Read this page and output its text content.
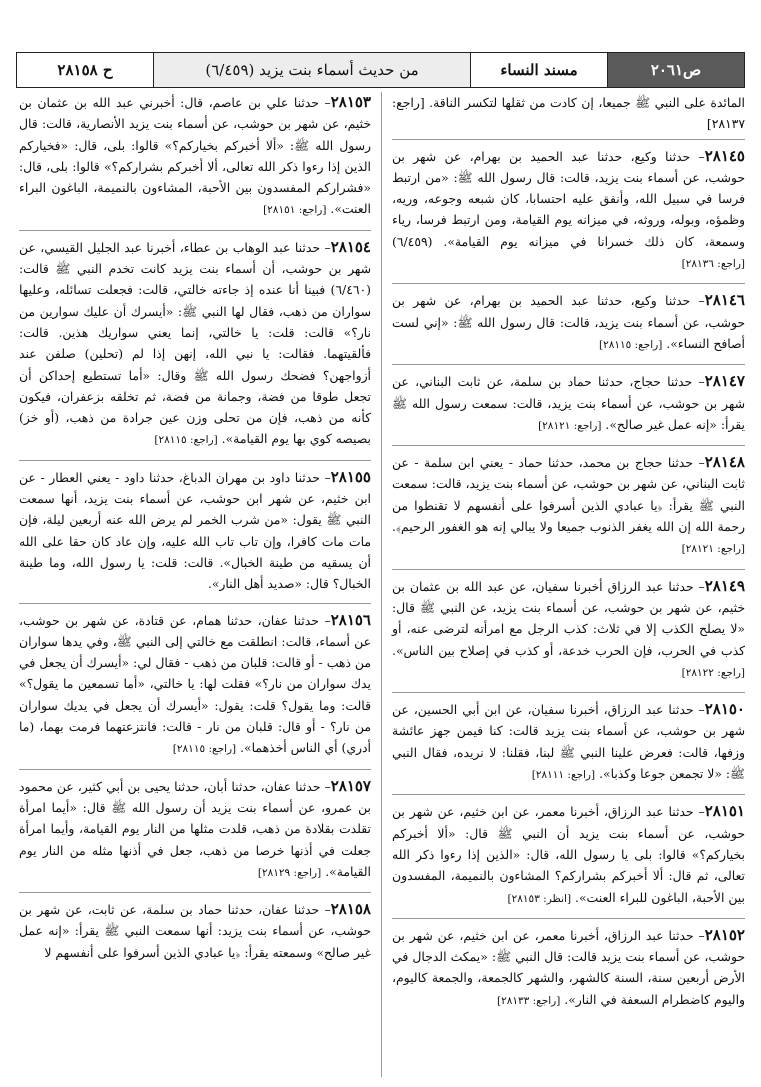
ص٢٠٦١
مسند النساء
من حديث أسماء بنت يزيد (٦/٤٥٩)
ح ٢٨١٥٨
المائدة على النبي ﷺ جميعا، إن كادت من ثقلها لتكسر الناقة. [راجع: ٢٨١٣٧]
٢٨١٤٥– حدثنا وكيع، حدثنا عبد الحميد بن بهرام، عن شهر بن حوشب، عن أسماء بنت يزيد، قالت: قال رسول الله ﷺ: «من ارتبط فرسا في سبيل الله، وأنفق عليه احتسابا، كان شبعه وجوعه، وريه، وظمؤه، وبوله، وروثه، في ميزانه يوم القيامة، ومن ارتبط فرسا، رياء وسمعة، كان ذلك خسرانا في ميزانه يوم القيامة». (٦/٤٥٩) [راجع: ٢٨١٣٦]
٢٨١٤٦– حدثنا وكيع، حدثنا عبد الحميد بن بهرام، عن شهر بن حوشب، عن أسماء بنت يزيد، قالت: قال رسول الله ﷺ: «إني لست أصافح النساء». [راجع: ٢٨١١٥]
٢٨١٤٧– حدثنا حجاج، حدثنا حماد بن سلمة، عن ثابت البناني، عن شهر بن حوشب، عن أسماء بنت يزيد، قالت: سمعت رسول الله ﷺ يقرأ: «إنه عمل غير صالح». [راجع: ٢٨١٢١]
٢٨١٤٨– حدثنا حجاج بن محمد، حدثنا حماد - يعني ابن سلمة - عن ثابت البناني، عن شهر بن حوشب، عن أسماء بنت يزيد، قالت: سمعت النبي ﷺ يقرأ: ﴿يا عبادي الذين أسرفوا على أنفسهم لا تقنطوا من رحمة الله إن الله يغفر الذنوب جميعا ولا يبالي إنه هو الغفور الرحيم﴾. [راجع: ٢٨١٢١]
٢٨١٤٩– حدثنا عبد الرزاق أخبرنا سفيان، عن عبد الله بن عثمان بن خثيم، عن شهر بن حوشب، عن أسماء بنت يزيد، عن النبي ﷺ قال: «لا يصلح الكذب إلا في ثلاث: كذب الرجل مع امرأته لترضى عنه، أو كذب في الحرب، فإن الحرب خدعة، أو كذب في إصلاح بين الناس». [راجع: ٢٨١٢٢]
٢٨١٥٠– حدثنا عبد الرزاق، أخبرنا سفيان، عن ابن أبي الحسين، عن شهر بن حوشب، عن أسماء بنت يزيد قالت: كنا فيمن جهز عائشة وزفها، قالت: فعرض علينا النبي ﷺ لبنا، فقلنا: لا نريده، فقال النبي ﷺ: «لا تجمعن جوعا وكذبا». [راجع: ٢٨١١١]
٢٨١٥١– حدثنا عبد الرزاق، أخبرنا معمر، عن ابن خثيم، عن شهر بن حوشب، عن أسماء بنت يزيد أن النبي ﷺ قال: «ألا أخبركم بخياركم؟» قالوا: بلى يا رسول الله، قال: «الذين إذا رءوا ذكر الله تعالى، ثم قال: ألا أخبركم بشراركم؟ المشاءون بالنميمة، المفسدون بين الأحبة، الباغون للبراء العنت». [انظر: ٢٨١٥٣]
٢٨١٥٢– حدثنا عبد الرزاق، أخبرنا معمر، عن ابن خثيم، عن شهر بن حوشب، عن أسماء بنت يزيد قالت: قال النبي ﷺ: «يمكث الدجال في الأرض أربعين سنة، السنة كالشهر، والشهر كالجمعة، والجمعة كاليوم، واليوم كاضطرام السعفة في النار». [راجع: ٢٨١٣٣]
٢٨١٥٣– حدثنا علي بن عاصم، قال: أخبرني عبد الله بن عثمان بن خثيم، عن شهر بن حوشب، عن أسماء بنت يزيد الأنصارية، قالت: قال رسول الله ﷺ: «ألا أخبركم بخياركم؟» قالوا: بلى، قال: «فخياركم الذين إذا رءوا ذكر الله تعالى، ألا أخبركم بشراركم؟» قالوا: بلى، قال: «فشراركم المفسدون بين الأحبة، المشاءون بالنميمة، الباغون البراء العنت». [راجع: ٢٨١٥١]
٢٨١٥٤– حدثنا عبد الوهاب بن عطاء، أخبرنا عبد الجليل القيسي، عن شهر بن حوشب، أن أسماء بنت يزيد كانت تخدم النبي ﷺ قالت: (٦/٤٦٠) فبينا أنا عنده إذ جاءته خالتي، قالت: فجعلت تسائله، وعليها سواران من ذهب، فقال لها النبي ﷺ: «أيسرك أن عليك سوارين من نار؟» قالت: قلت: يا خالتي، إنما يعني سواريك هذين. قالت: فألقيتهما. فقالت: يا نبي الله، إنهن إذا لم (تحلين) صلفن عند أزواجهن؟ فضحك رسول الله ﷺ وقال: «أما تستطيع إحداكن أن تجعل طوقا من فضة، وجمانة من فضة، ثم تخلقه بزعفران، فيكون كأنه من ذهب، فإن من تحلى وزن عين جرادة من ذهب، (أو خز) بصيصه كوي بها يوم القيامة». [راجع: ٢٨١١٥]
٢٨١٥٥– حدثنا داود بن مهران الدباغ، حدثنا داود - يعني العطار - عن ابن خثيم، عن شهر ابن حوشب، عن أسماء بنت يزيد، أنها سمعت النبي ﷺ يقول: «من شرب الخمر لم يرض الله عنه أربعين ليلة، فإن مات مات كافرا، وإن تاب تاب الله عليه، وإن عاد كان حقا على الله أن يسقيه من طينة الخبال». قالت: قلت: يا رسول الله، وما طينة الخبال؟ قال: «صديد أهل النار».
٢٨١٥٦– حدثنا عفان، حدثنا همام، عن قتادة، عن شهر بن حوشب، عن أسماء، قالت: انطلقت مع خالتي إلى النبي ﷺ، وفي يدها سواران من ذهب - أو قالت: قلبان من ذهب - فقال لي: «أيسرك أن يجعل في يدك سواران من نار؟» فقلت لها: يا خالتي، «أما تسمعين ما يقول؟» قالت: وما يقول؟ قلت: يقول: «أيسرك أن يجعل في يديك سواران من نار؟ - أو قال: قلبان من نار - قالت: فانتزعتهما فرمت بهما، (ما أدري) أي الناس أخذهما». [راجع: ٢٨١١٥]
٢٨١٥٧– حدثنا عفان، حدثنا أبان، حدثنا يحيى بن أبي كثير، عن محمود بن عمرو، عن أسماء بنت يزيد أن رسول الله ﷺ قال: «أيما امرأة تقلدت بقلادة من ذهب، قلدت مثلها من النار يوم القيامة، وأيما امرأة جعلت في أذنها خرصا من ذهب، جعل في أذنها مثله من النار يوم القيامة». [راجع: ٢٨١٢٩]
٢٨١٥٨– حدثنا عفان، حدثنا حماد بن سلمة، عن ثابت، عن شهر بن حوشب، عن أسماء بنت يزيد: أنها سمعت النبي ﷺ يقرأ: «إنه عمل غير صالح» وسمعته يقرأ: ﴿يا عبادي الذين أسرفوا على أنفسهم لا
